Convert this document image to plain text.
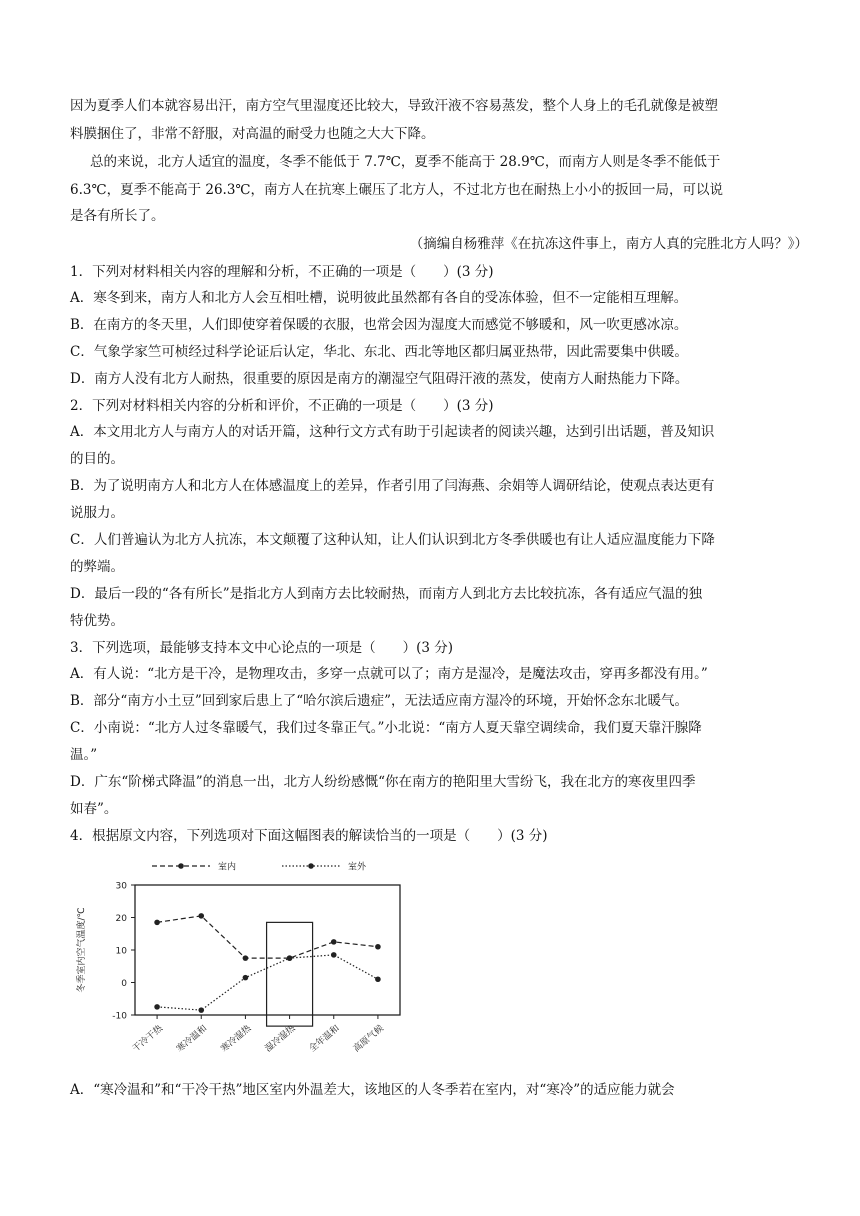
因为夏季人们本就容易出汗，南方空气里湿度还比较大，导致汗液不容易蒸发，整个人身上的毛孔就像是被塑
料膜捆住了，非常不舒服，对高温的耐受力也随之大大下降。
总的来说，北方人适宜的温度，冬季不能低于 7.7℃，夏季不能高于 28.9℃，而南方人则是冬季不能低于
6.3℃，夏季不能高于 26.3℃，南方人在抗寒上碾压了北方人，不过北方也在耐热上小小的扳回一局，可以说
是各有所长了。
（摘编自杨雅萍《在抗冻这件事上，南方人真的完胜北方人吗？》）
1．下列对材料相关内容的理解和分析，不正确的一项是（　　）(3 分)
A．寒冬到来，南方人和北方人会互相吐槽，说明彼此虽然都有各自的受冻体验，但不一定能相互理解。
B．在南方的冬天里，人们即使穿着保暖的衣服，也常会因为湿度大而感觉不够暖和，风一吹更感冰凉。
C．气象学家竺可桢经过科学论证后认定，华北、东北、西北等地区都归属亚热带，因此需要集中供暖。
D．南方人没有北方人耐热，很重要的原因是南方的潮湿空气阻碍汗液的蒸发，使南方人耐热能力下降。
2．下列对材料相关内容的分析和评价，不正确的一项是（　　）(3 分)
A．本文用北方人与南方人的对话开篇，这种行文方式有助于引起读者的阅读兴趣，达到引出话题，普及知识
的目的。
B．为了说明南方人和北方人在体感温度上的差异，作者引用了闫海燕、余娟等人调研结论，使观点表达更有
说服力。
C．人们普遍认为北方人抗冻，本文颠覆了这种认知，让人们认识到北方冬季供暖也有让人适应温度能力下降
的弊端。
D．最后一段的“各有所长”是指北方人到南方去比较耐热，而南方人到北方去比较抗冻，各有适应气温的独
特优势。
3．下列选项，最能够支持本文中心论点的一项是（　　）(3 分)
A．有人说：“北方是干冷，是物理攻击，多穿一点就可以了；南方是湿冷，是魔法攻击，穿再多都没有用。”
B．部分“南方小土豆”回到家后患上了“哈尔滨后遗症”，无法适应南方湿冷的环境，开始怀念东北暖气。
C．小南说：“北方人过冬靠暖气，我们过冬靠正气。”小北说：“南方人夏天靠空调续命，我们夏天靠汗腺降
温。”
D．广东“阶梯式降温”的消息一出，北方人纷纷感慨“你在南方的艳阳里大雪纷飞，我在北方的寒夜里四季
如春”。
4．根据原文内容，下列选项对下面这幅图表的解读恰当的一项是（　　）(3 分)
30
20
10
0
-10
冬季室内空气温度/℃
干冷干热 寒冷温和 寒冷湿热 湿冷湿热 全年温和 高原气候
室内	室外
A．“寒冷温和”和“干冷干热”地区室内外温差大，该地区的人冬季若在室内，对“寒冷”的适应能力就会
